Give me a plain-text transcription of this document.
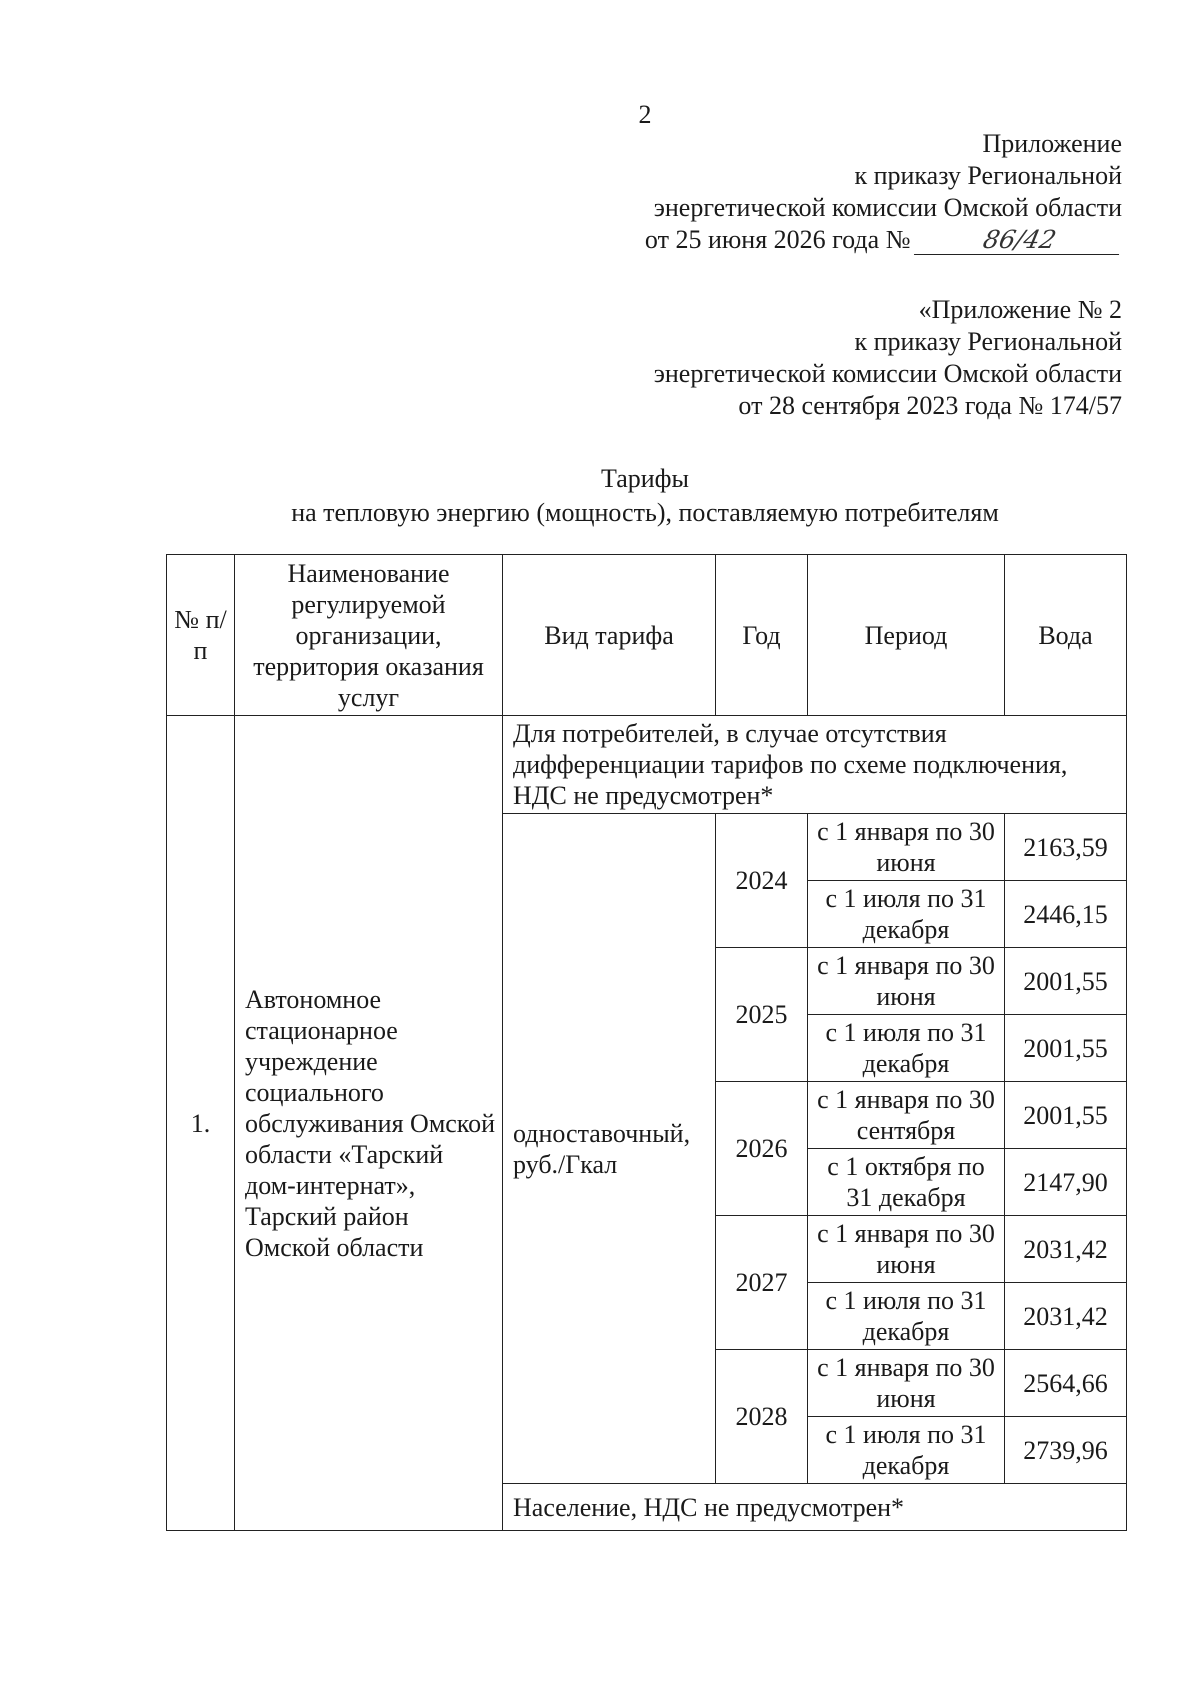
2
Приложение
к приказу Региональной
энергетической комиссии Омской области
от 25 июня 2026 года №	86/42
«Приложение № 2
к приказу Региональной
энергетической комиссии Омской области
от 28 сентября 2023 года № 174/57
Тарифы
на тепловую энергию (мощность), поставляемую потребителям
№ п/п	Наименование регулируемой организации, территория оказания услуг	Вид тарифа	Год	Период	Вода
1.	Автономное стационарное учреждение социального обслуживания Омской области «Тарский дом-интернат», Тарский район Омской области	Для потребителей, в случае отсутствия дифференциации тарифов по схеме подключения, НДС не предусмотрен*			
		одноставочный, руб./Гкал	2024	с 1 января по 30 июня	2163,59
				с 1 июля по 31 декабря	2446,15
			2025	с 1 января по 30 июня	2001,55
				с 1 июля по 31 декабря	2001,55
			2026	с 1 января по 30 сентября	2001,55
				с 1 октября по 31 декабря	2147,90
			2027	с 1 января по 30 июня	2031,42
				с 1 июля по 31 декабря	2031,42
			2028	с 1 января по 30 июня	2564,66
				с 1 июля по 31 декабря	2739,96
		Население, НДС не предусмотрен*			
